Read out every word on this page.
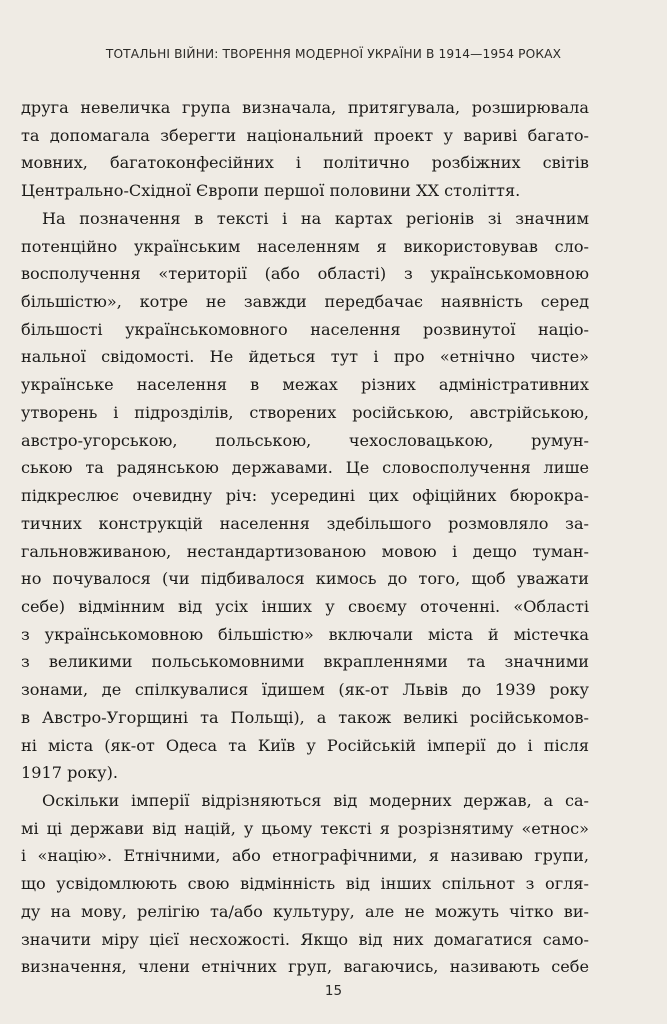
ТОТАЛЬНІ ВІЙНИ: ТВОРЕННЯ МОДЕРНОЇ УКРАЇНИ В 1914—1954 РОКАХ
друга невеличка група визначала, притягувала, розширювала
та допомагала зберегти національний проект у вариві багато-
мовних, багатоконфесійних і політично розбіжних світів
Центрально-Східної Європи першої половини XX століття.
На позначення в тексті і на картах регіонів зі значним
потенційно українським населенням я використовував сло-
восполучення «території (або області) з українськомовною
більшістю», котре не завжди передбачає наявність серед
більшості українськомовного населення розвинутої націо-
нальної свідомості. Не йдеться тут і про «етнічно чисте»
українське населення в межах різних адміністративних
утворень і підрозділів, створених російською, австрійською,
австро-угорською, польською, чехословацькою, румун-
ською та радянською державами. Це словосполучення лише
підкреслює очевидну річ: усередині цих офіційних бюрокра-
тичних конструкцій населення здебільшого розмовляло за-
гальновживаною, нестандартизованою мовою і дещо туман-
но почувалося (чи підбивалося кимось до того, щоб уважати
себе) відмінним від усіх інших у своєму оточенні. «Області
з українськомовною більшістю» включали міста й містечка
з великими польськомовними вкрапленнями та значними
зонами, де спілкувалися їдишем (як-от Львів до 1939 року
в Австро-Угорщині та Польщі), а також великі російськомов-
ні міста (як-от Одеса та Київ у Російській імперії до і після
1917 року).
Оскільки імперії відрізняються від модерних держав, а са-
мі ці держави від націй, у цьому тексті я розрізнятиму «етнос»
і «націю». Етнічними, або етнографічними, я називаю групи,
що усвідомлюють свою відмінність від інших спільнот з огля-
ду на мову, релігію та/або культуру, але не можуть чітко ви-
значити міру цієї несхожості. Якщо від них домагатися само-
визначення, члени етнічних груп, вагаючись, називають себе
15
